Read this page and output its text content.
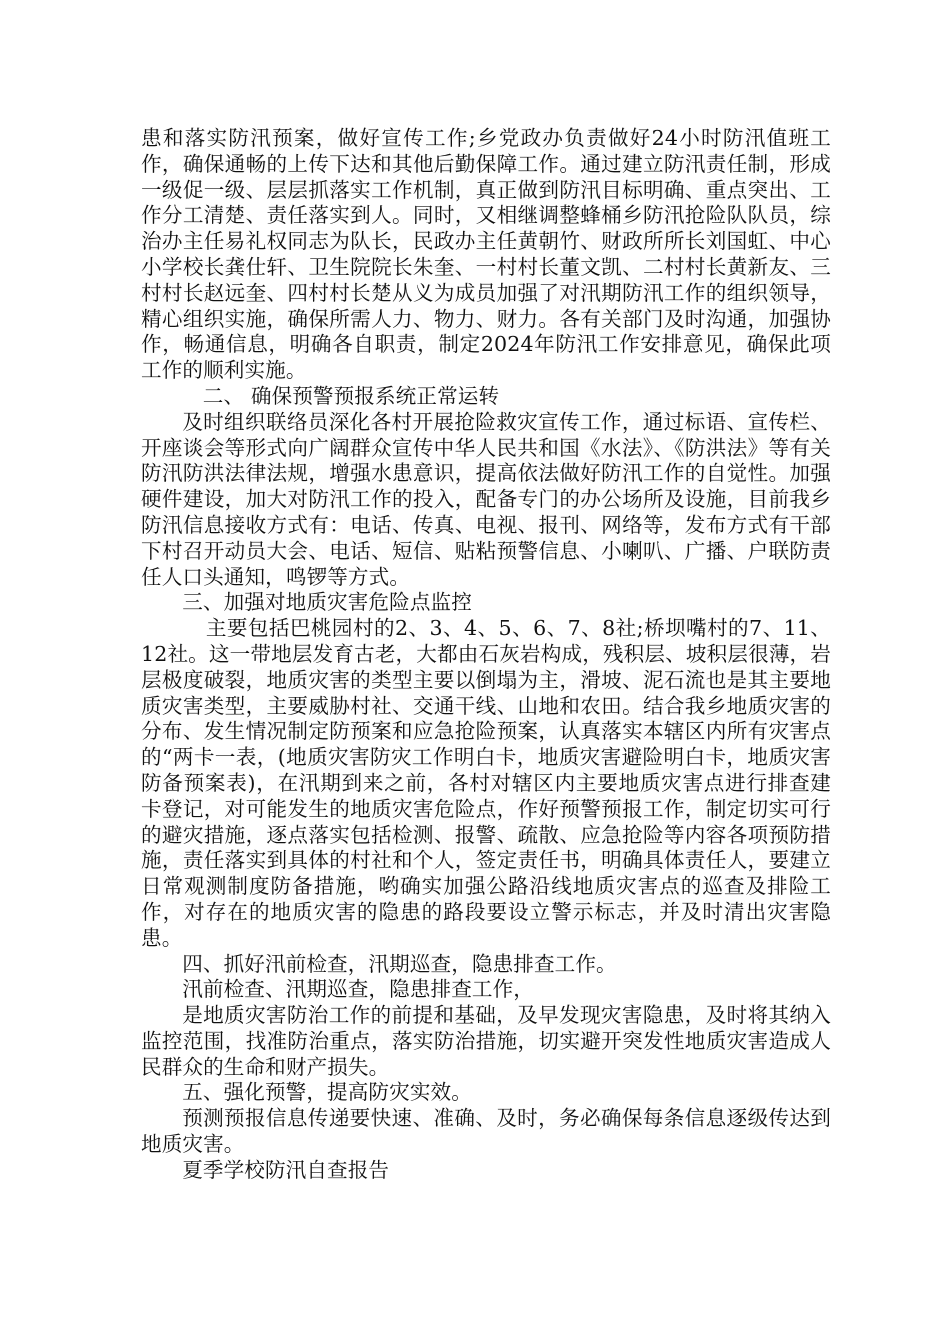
患和落实防汛预案，做好宣传工作;乡党政办负责做好24小时防汛值班工作，确保通畅的上传下达和其他后勤保障工作。通过建立防汛责任制，形成一级促一级、层层抓落实工作机制，真正做到防汛目标明确、重点突出、工作分工清楚、责任落实到人。同时，又相继调整蜂桶乡防汛抢险队队员，综治办主任易礼权同志为队长，民政办主任黄朝竹、财政所所长刘国虹、中心小学校长龚仕轩、卫生院院长朱奎、一村村长董文凯、二村村长黄新友、三村村长赵远奎、四村村长楚从义为成员加强了对汛期防汛工作的组织领导，精心组织实施，确保所需人力、物力、财力。各有关部门及时沟通，加强协作，畅通信息，明确各自职责，制定2024年防汛工作安排意见，确保此项工作的顺利实施。

二、 确保预警预报系统正常运转

及时组织联络员深化各村开展抢险救灾宣传工作，通过标语、宣传栏、开座谈会等形式向广阔群众宣传中华人民共和国《水法》、《防洪法》等有关防汛防洪法律法规，增强水患意识，提高依法做好防汛工作的自觉性。加强硬件建设，加大对防汛工作的投入，配备专门的办公场所及设施，目前我乡防汛信息接收方式有：电话、传真、电视、报刊、网络等，发布方式有干部下村召开动员大会、电话、短信、贴粘预警信息、小喇叭、广播、户联防责任人口头通知，鸣锣等方式。

三、加强对地质灾害危险点监控

主要包括巴桃园村的2、3、4、5、6、7、8社;桥坝嘴村的7、11、12社。这一带地层发育古老，大都由石灰岩构成，残积层、坡积层很薄，岩层极度破裂，地质灾害的类型主要以倒塌为主，滑坡、泥石流也是其主要地质灾害类型，主要威胁村社、交通干线、山地和农田。结合我乡地质灾害的分布、发生情况制定防预案和应急抢险预案，认真落实本辖区内所有灾害点的“两卡一表，(地质灾害防灾工作明白卡，地质灾害避险明白卡，地质灾害防备预案表)，在汛期到来之前，各村对辖区内主要地质灾害点进行排查建卡登记，对可能发生的地质灾害危险点，作好预警预报工作，制定切实可行的避灾措施，逐点落实包括检测、报警、疏散、应急抢险等内容各项预防措施，责任落实到具体的村社和个人，签定责任书，明确具体责任人，要建立日常观测制度防备措施，哟确实加强公路沿线地质灾害点的巡查及排险工作，对存在的地质灾害的隐患的路段要设立警示标志，并及时清出灾害隐患。

四、抓好汛前检查，汛期巡查，隐患排查工作。

汛前检查、汛期巡查，隐患排查工作，

是地质灾害防治工作的前提和基础，及早发现灾害隐患，及时将其纳入监控范围，找准防治重点，落实防治措施，切实避开突发性地质灾害造成人民群众的生命和财产损失。

五、强化预警，提高防灾实效。

预测预报信息传递要快速、准确、及时，务必确保每条信息逐级传达到地质灾害。

夏季学校防汛自查报告
